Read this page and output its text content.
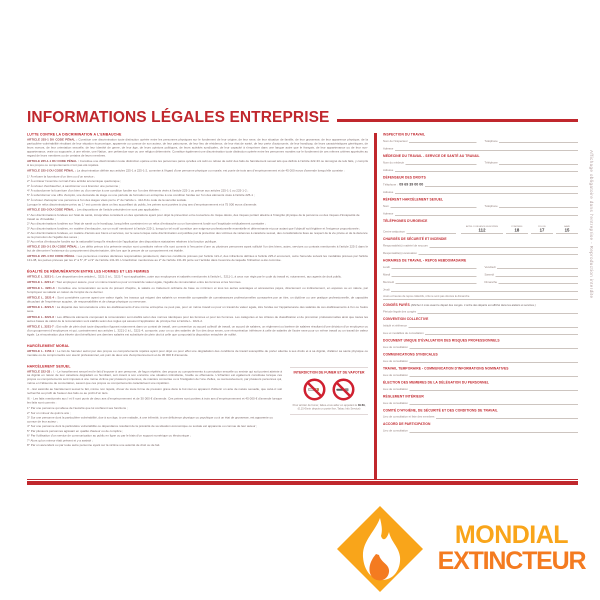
INFORMATIONS LÉGALES ENTREPRISE
LUTTE CONTRE LA DISCRIMINATION À L'EMBAUCHE
ARTICLE 225-1 DU CODE PÉNAL : Constitue une discrimination toute distinction opérée entre les personnes physiques sur le fondement de leur origine, de leur sexe, de leur situation de famille, de leur grossesse, de leur apparence physique, de la particulière vulnérabilité résultant de leur situation économique, apparente ou connue de son auteur, de leur patronyme, de leur lieu de résidence, de leur état de santé, de leur perte d'autonomie, de leur handicap, de leurs caractéristiques génétiques, de leurs mœurs, de leur orientation sexuelle, de leur identité de genre, de leur âge, de leurs opinions politiques, de leurs activités syndicales, de leur capacité à s'exprimer dans une langue autre que le français, de leur appartenance ou de leur non-appartenance, vraie ou supposée, à une ethnie, une Nation, une prétendue race ou une religion déterminée. Constitue également une discrimination toute distinction opérée entre les personnes morales sur le fondement de ces mêmes critères appréciés au regard de leurs membres ou de certains de leurs membres.
ARTICLE 225-1-1 DU CODE PÉNAL : Constitue une discrimination toute distinction opérée entre les personnes parce qu'elles ont subi ou refusé de subir des faits de harcèlement sexuel tels que définis à l'article 222-33 ou témoigné de tels faits, y compris si les propos ou comportements n'ont pas été répétés.
ARTICLE 225-2 DU CODE PÉNAL : La discrimination définie aux articles 225-1 à 225-1-2, commise à l'égard d'une personne physique ou morale, est punie de trois ans d'emprisonnement et de 45 000 euros d'amende lorsqu'elle consiste :
1° À refuser la fourniture d'un bien ou d'un service ;
2° À entraver l'exercice normal d'une activité économique quelconque ;
3° À refuser d'embaucher, à sanctionner ou à licencier une personne ;
4° À subordonner la fourniture d'un bien ou d'un service à une condition fondée sur l'un des éléments visés à l'article 225-1 ou prévue aux articles 225-1-1 ou 225-1-2 ;
5° À subordonner une offre d'emploi, une demande de stage ou une période de formation en entreprise à une condition fondée sur l'un des éléments visés à l'article 225-1 ;
6° À refuser d'accepter une personne à l'un des stages visés par le 2° de l'article L. 412-8 du code de la sécurité sociale.
Lorsque le refus discriminatoire prévu au 1° est commis dans un lieu accueillant du public, les peines sont portées à cinq ans d'emprisonnement et à 75 000 euros d'amende.
ARTICLE 225-3 DU CODE PÉNAL : Les dispositions de l'article précédent ne sont pas applicables :
1° Aux discriminations fondées sur l'état de santé, lorsqu'elles consistent en des opérations ayant pour objet la prévention et la couverture du risque décès, des risques portant atteinte à l'intégrité physique de la personne ou des risques d'incapacité de travail ou d'invalidité ;
2° Aux discriminations fondées sur l'état de santé ou le handicap, lorsqu'elles consistent en un refus d'embauche ou un licenciement fondé sur l'inaptitude médicalement constatée ;
3° Aux discriminations fondées, en matière d'embauche, sur un motif mentionné à l'article 225-1, lorsqu'un tel motif constitue une exigence professionnelle essentielle et déterminante et pour autant que l'objectif soit légitime et l'exigence proportionnée ;
4° Aux discriminations fondées, en matière d'accès aux biens et services, sur le sexe lorsque cette discrimination est justifiée par la protection des victimes de violences à caractère sexuel, des considérations liées au respect de la vie privée et de la décence ou la promotion de l'égalité des sexes ;
5° Aux refus d'embauche fondés sur la nationalité lorsqu'ils résultent de l'application des dispositions statutaires relatives à la fonction publique.
ARTICLE 225-3-1 DU CODE PÉNAL : Les délits prévus à la présente section sont constitués même s'ils sont commis à l'encontre d'une ou plusieurs personnes ayant sollicité l'un des biens, actes, services ou contrats mentionnés à l'article 225-2 dans le but de démontrer l'existence du comportement discriminatoire, dès lors que la preuve de ce comportement est établie.
ARTICLE 225-4 DU CODE PÉNAL : Les personnes morales déclarées responsables pénalement, dans les conditions prévues par l'article 121-2, des infractions définies à l'article 225-2 encourent, outre l'amende suivant les modalités prévues par l'article 131-38, les peines prévues par les 2° à 5°, 8° et 9° de l'article 131-39. L'interdiction mentionnée au 2° de l'article 131-39 porte sur l'activité dans l'exercice de laquelle l'infraction a été commise.
ÉGALITÉ DE RÉMUNÉRATION ENTRE LES HOMMES ET LES FEMMES
ARTICLE L. 3221-1 : Les dispositions des articles L. 3221-2 à L. 3221-7 sont applicables, outre aux employeurs et salariés mentionnés à l'article L. 3211-1, à ceux non régis par le code du travail et, notamment, aux agents de droit public.
ARTICLE L. 3221-2 : Tout employeur assure, pour un même travail ou pour un travail de valeur égale, l'égalité de rémunération entre les femmes et les hommes.
ARTICLE L. 3221-3 : Constitue une rémunération au sens du présent chapitre, le salaire ou traitement ordinaire de base ou minimum et tous les autres avantages et accessoires payés, directement ou indirectement, en espèces ou en nature, par l'employeur au salarié en raison de l'emploi de ce dernier.
ARTICLE L. 3221-4 : Sont considérés comme ayant une valeur égale, les travaux qui exigent des salariés un ensemble comparable de connaissances professionnelles consacrées par un titre, un diplôme ou une pratique professionnelle, de capacités découlant de l'expérience acquise, de responsabilités et de charge physique ou nerveuse.
ARTICLE L. 3221-5 : La disparité des rémunérations entre les établissements d'une même entreprise ne peut pas, pour un même travail ou pour un travail de valeur égale, être fondée sur l'appartenance des salariés de ces établissements à l'un ou l'autre sexe.
ARTICLE L. 3221-6 : Les différents éléments composant la rémunération sont établis selon des normes identiques pour les femmes et pour les hommes. Les catégories et les critères de classification et de promotion professionnelles ainsi que toutes les autres bases de calcul de la rémunération sont établis selon des règles qui assurent l'application du principe fixé à l'article L. 3221-2.
ARTICLE L. 3221-7 : Est nulle de plein droit toute disposition figurant notamment dans un contrat de travail, une convention ou accord collectif de travail, un accord de salaires, un règlement ou barème de salaires résultant d'une décision d'un employeur ou d'un groupement d'employeurs et qui, contrairement aux articles L. 3221-2 à L. 3221-4, comporte, pour un ou des salariés de l'un des deux sexes, une rémunération inférieure à celle de salariés de l'autre sexe pour un même travail ou un travail de valeur égale. La rémunération plus élevée dont bénéficient ces derniers salariés est substituée de plein droit à celle que comportait la disposition entachée de nullité.
HARCÈLEMENT MORAL
ARTICLE L. 1152-1 : Le fait de harceler autrui par des propos ou comportements répétés ayant pour objet ou pour effet une dégradation des conditions de travail susceptible de porter atteinte à ses droits et à sa dignité, d'altérer sa santé physique ou mentale ou de compromettre son avenir professionnel, est puni de deux ans d'emprisonnement et de 30 000 € d'amende.
INTERDICTION DE FUMER ET DE VAPOTER
Pour arrêter de fumer, faites-vous aider en appelant le 39 89, (0,15 €/min depuis un poste fixe, Tabac Info Service)
HARCÈLEMENT SEXUEL
ARTICLE 222-33 : I. - Le harcèlement sexuel est le fait d'imposer à une personne, de façon répétée, des propos ou comportements à connotation sexuelle ou sexiste qui soit portent atteinte à sa dignité en raison de leur caractère dégradant ou humiliant, soit créent à son encontre une situation intimidante, hostile ou offensante. L'infraction est également constituée lorsque ces propos ou comportements sont imposés à une même victime par plusieurs personnes, de manière concertée ou à l'instigation de l'une d'elles, ou successivement, par plusieurs personnes qui, même en l'absence de concertation, savent que ces propos ou comportements caractérisent une répétition.
II. - Est assimilé au harcèlement sexuel le fait, même non répété, d'user de toute forme de pression grave dans le but réel ou apparent d'obtenir un acte de nature sexuelle, que celui-ci soit recherché au profit de l'auteur des faits ou au profit d'un tiers.
III. - Les faits mentionnés aux I et II sont punis de deux ans d'emprisonnement et de 30 000 € d'amende. Ces peines sont portées à trois ans d'emprisonnement et 45 000 € d'amende lorsque les faits sont commis :
1° Par une personne qui abuse de l'autorité que lui confèrent ses fonctions ;
2° Sur un mineur de quinze ans ;
3° Sur une personne dont la particulière vulnérabilité, due à son âge, à une maladie, à une infirmité, à une déficience physique ou psychique ou à un état de grossesse, est apparente ou connue de leur auteur ;
4° Sur une personne dont la particulière vulnérabilité ou dépendance résultant de la précarité de sa situation économique ou sociale est apparente ou connue de leur auteur ;
5° Par plusieurs personnes agissant en qualité d'auteur ou de complice ;
6° Par l'utilisation d'un service de communication au public en ligne ou par le biais d'un support numérique ou électronique ;
7° Alors qu'un mineur était présent et y a assisté ;
8° Par un ascendant ou par toute autre personne ayant sur la victime une autorité de droit ou de fait.
INSPECTION DU TRAVAIL
Nom de l'inspecteur	Téléphone
Adresse
MÉDECINE DU TRAVAIL - SERVICE DE SANTÉ AU TRAVAIL
Nom du médecin	Téléphone
Adresse
DÉFENSEUR DES DROITS
Téléphone : 09 69 39 00 00
Adresse
RÉFÉRENT HARCÈLEMENT SEXUEL
Nom	Téléphone
Adresse
TÉLÉPHONES D'URGENCE
Centre antipoison
APPEL D'URGENCE EUROPÉEN
112
POMPIERS
18
POLICE
17
SAMU
15
CHARGÉS DE SÉCURITÉ ET INCENDIE
Responsable(s) matériel de secours
Responsable(s) évacuation
HORAIRES DE TRAVAIL - REPOS HEBDOMADAIRE
Lundi	Vendredi
Mardi	Samedi
Mercredi	Dimanche
Jeudi
Jours et heures de repos collectifs, s'ils ne sont pas donnés le dimanche
CONGÉS PAYÉS (Afficher 2 mois avant le départ des congés. L'ordre des départs est affiché dans les ateliers et services.)
Période légale des congés
CONVENTION COLLECTIVE
Intitulé et référence
Lieu et modalités de consultation
DOCUMENT UNIQUE D'ÉVALUATION DES RISQUES PROFESSIONNELS
Lieu de consultation
COMMUNICATIONS SYNDICALES
Lieu de consultation
TRAVAIL TEMPORAIRE - COMMUNICATION D'INFORMATIONS NOMINATIVES
Lieu de consultation
ÉLECTION DES MEMBRES DE LA DÉLÉGATION DU PERSONNEL
Lieu de consultation
RÈGLEMENT INTÉRIEUR
Lieu de consultation
COMITÉ D'HYGIÈNE, DE SÉCURITÉ ET DES CONDITIONS DE TRAVAIL
Lieu de consultation et liste des membres
ACCORD DE PARTICIPATION
Lieu de consultation
Affichage obligatoire dans l'entreprise - Reproduction interdite
MONDIAL
EXTINCTEUR
